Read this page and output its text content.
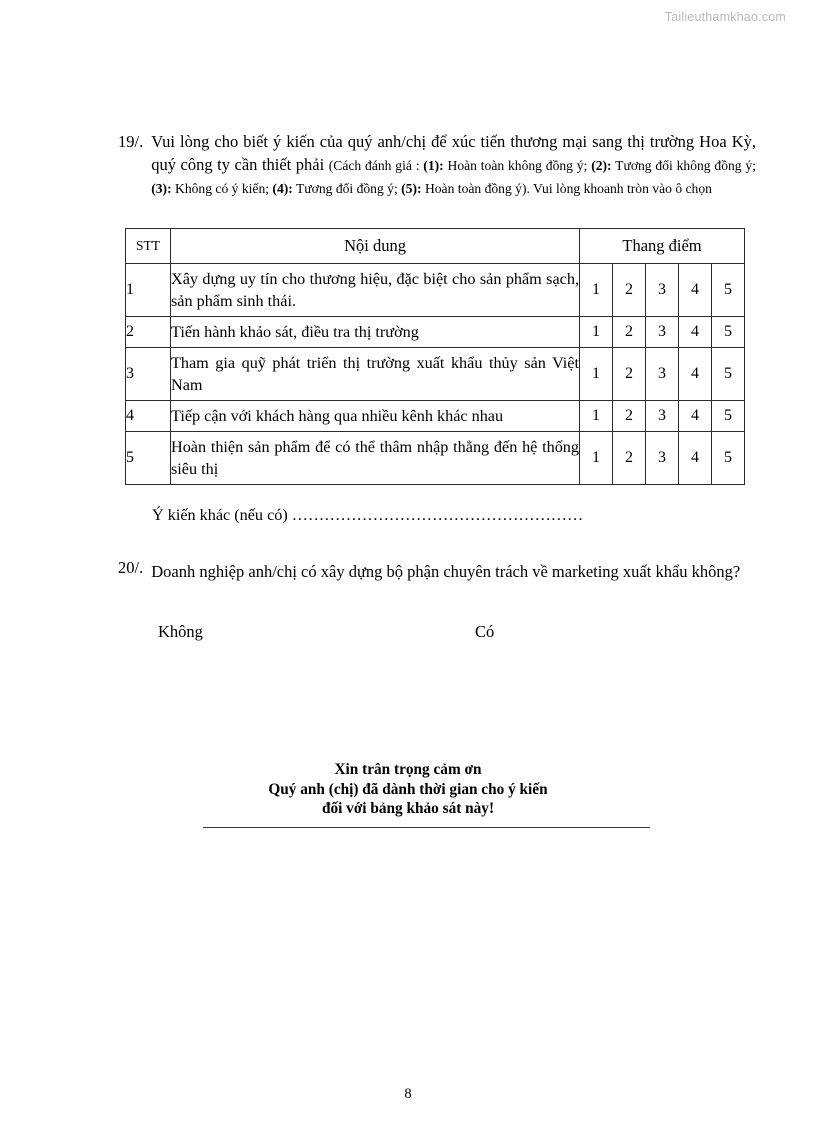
Tailieuthamkhao.com
19/. Vui lòng cho biết ý kiến của quý anh/chị để xúc tiến thương mại sang thị trường Hoa Kỳ, quý công ty cần thiết phải (Cách đánh giá : (1): Hoàn toàn không đồng ý; (2): Tương đối không đồng ý; (3): Không có ý kiến; (4): Tương đối đồng ý; (5): Hoàn toàn đồng ý). Vui lòng khoanh tròn vào ô chọn
STT	Nội dung	Thang điểm				
1	Xây dựng uy tín cho thương hiệu, đặc biệt cho sản phẩm sạch, sản phẩm sinh thái.	1	2	3	4	5
2	Tiến hành khảo sát, điều tra thị trường	1	2	3	4	5
3	Tham gia quỹ phát triển thị trường xuất khẩu thủy sản Việt Nam	1	2	3	4	5
4	Tiếp cận với khách hàng qua nhiều kênh khác nhau	1	2	3	4	5
5	Hoàn thiện sản phẩm để có thể thâm nhập thẳng đến hệ thống siêu thị	1	2	3	4	5
Ý kiến khác (nếu có) ………………………………………………
20/. Doanh nghiệp anh/chị có xây dựng bộ phận chuyên trách về marketing xuất khẩu không?
Không	Có
Xin trân trọng cảm ơn
Quý anh (chị) đã dành thời gian cho ý kiến
đối với bảng khảo sát này!
8
